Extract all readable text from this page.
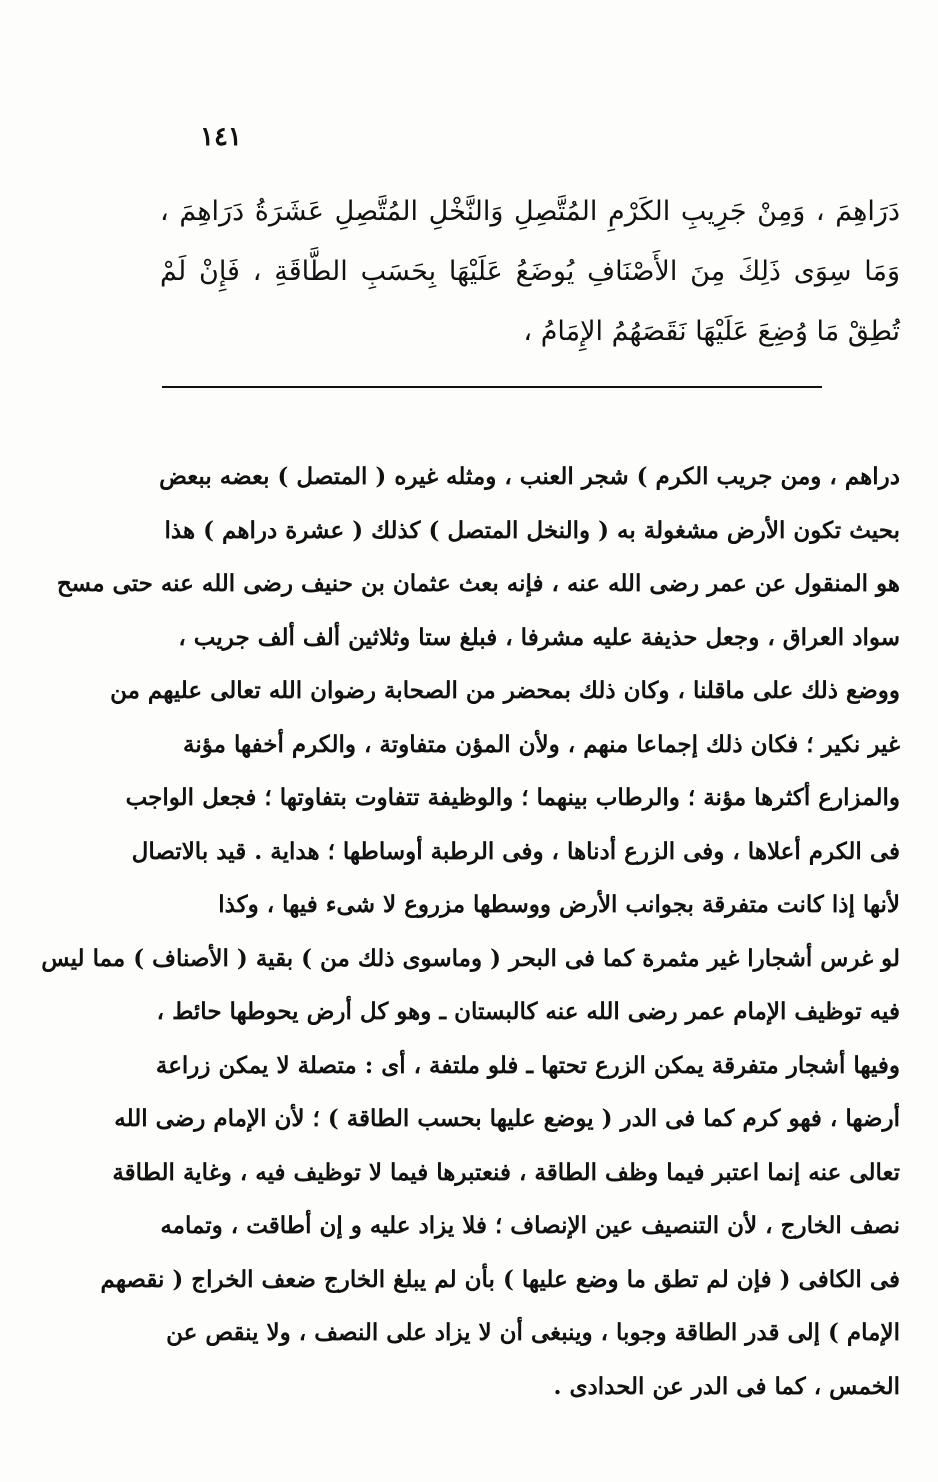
١٤١

دَرَاهِمَ ، وَمِنْ جَرِيبِ الكَرْمِ المُتَّصِلِ وَالنَّخْلِ المُتَّصِلِ عَشَرَةُ دَرَاهِمَ ، وَمَا سِوَى ذَلِكَ مِنَ الأَصْنَافِ يُوضَعُ عَلَيْهَا بِحَسَبِ الطَّاقَةِ ، فَإِنْ لَمْ تُطِقْ مَا وُضِعَ عَلَيْهَا نَقَصَهُمُ الإِمَامُ ،

دراهم ، ومن جريب الكرم ) شجر العنب ، ومثله غيره ( المتصل ) بعضه ببعض
بحيث تكون الأرض مشغولة به ( والنخل المتصل ) كذلك ( عشرة دراهم ) هذا
هو المنقول عن عمر رضى الله عنه ، فإنه بعث عثمان بن حنيف رضى الله عنه حتى مسح
سواد العراق ، وجعل حذيفة عليه مشرفا ، فبلغ ستا وثلاثين ألف ألف جريب ،
ووضع ذلك على ماقلنا ، وكان ذلك بمحضر من الصحابة رضوان الله تعالى عليهم من
غير نكير ؛ فكان ذلك إجماعا منهم ، ولأن المؤن متفاوتة ، والكرم أخفها مؤنة
والمزارع أكثرها مؤنة ؛ والرطاب بينهما ؛ والوظيفة تتفاوت بتفاوتها ؛ فجعل الواجب
فى الكرم أعلاها ، وفى الزرع أدناها ، وفى الرطبة أوساطها ؛ هداية . قيد بالاتصال
لأنها إذا كانت متفرقة بجوانب الأرض ووسطها مزروع لا شىء فيها ، وكذا
لو غرس أشجارا غير مثمرة كما فى البحر ( وماسوى ذلك من ) بقية ( الأصناف ) مما ليس
فيه توظيف الإمام عمر رضى الله عنه كالبستان ـ وهو كل أرض يحوطها حائط ،
وفيها أشجار متفرقة يمكن الزرع تحتها ـ فلو ملتفة ، أى : متصلة لا يمكن زراعة
أرضها ، فهو كرم كما فى الدر ( يوضع عليها بحسب الطاقة ) ؛ لأن الإمام رضى الله
تعالى عنه إنما اعتبر فيما وظف الطاقة ، فنعتبرها فيما لا توظيف فيه ، وغاية الطاقة
نصف الخارج ، لأن التنصيف عين الإنصاف ؛ فلا يزاد عليه و إن أطاقت ، وتمامه
فى الكافى ( فإن لم تطق ما وضع عليها ) بأن لم يبلغ الخارج ضعف الخراج ( نقصهم
الإمام ) إلى قدر الطاقة وجوبا ، وينبغى أن لا يزاد على النصف ، ولا ينقص عن
الخمس ، كما فى الدر عن الحدادى .
